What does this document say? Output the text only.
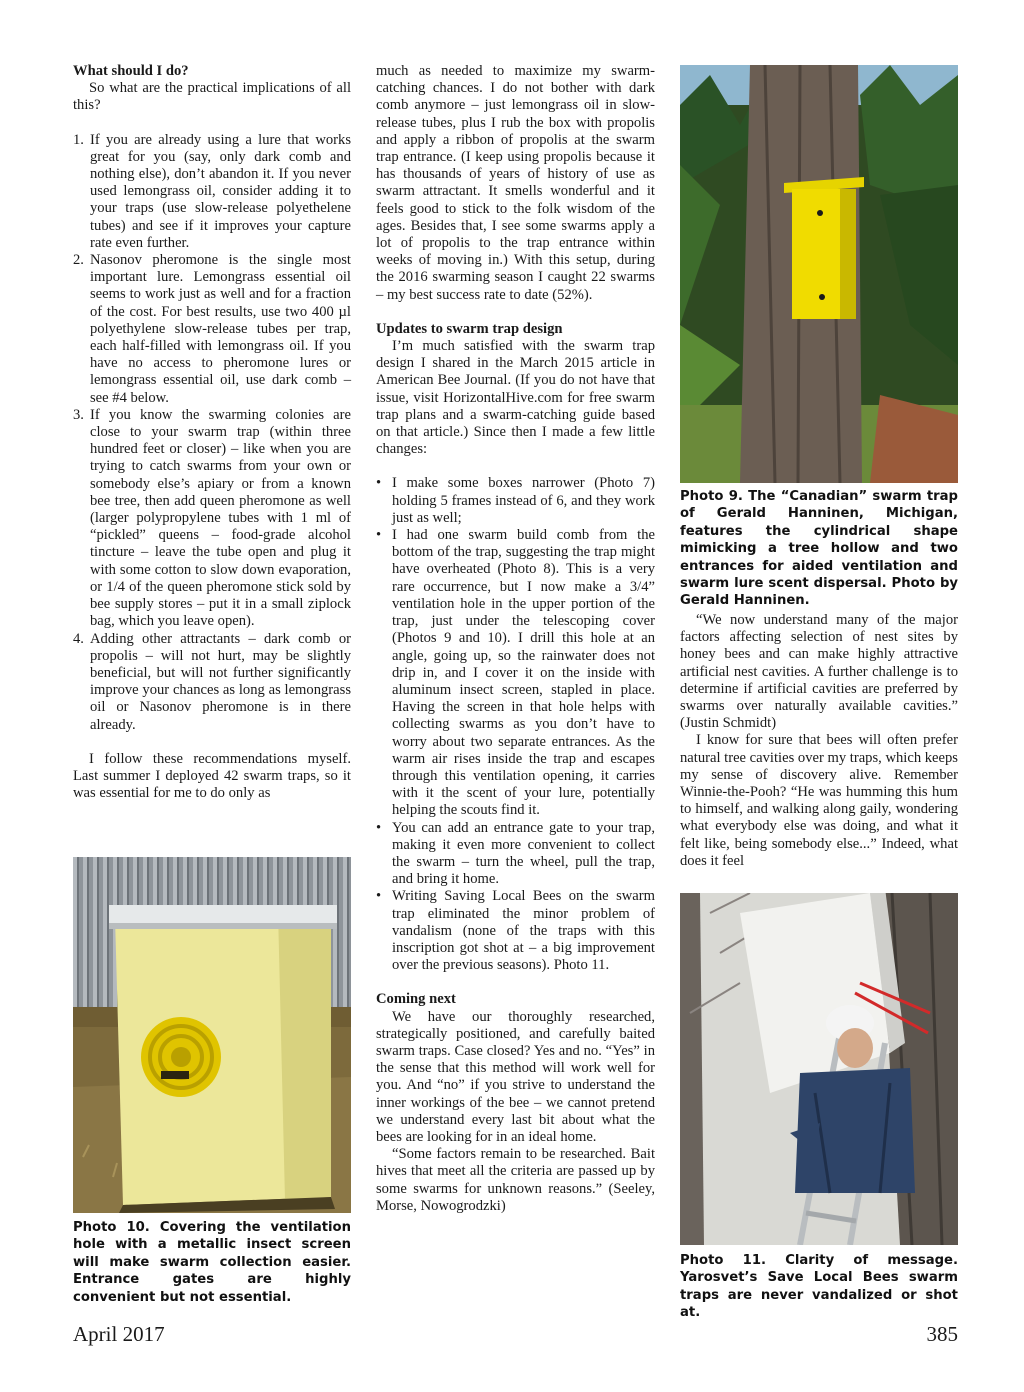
What should I do?

So what are the practical implications of all this?

1. If you are already using a lure that works great for you (say, only dark comb and nothing else), don’t abandon it. If you never used lemongrass oil, consider adding it to your traps (use slow-release polyethelene tubes) and see if it improves your capture rate even further.
2. Nasonov pheromone is the single most important lure. Lemongrass essential oil seems to work just as well and for a fraction of the cost. For best results, use two 400 µl polyethylene slow-release tubes per trap, each half-filled with lemongrass oil. If you have no access to pheromone lures or lemongrass essential oil, use dark comb – see #4 below.
3. If you know the swarming colonies are close to your swarm trap (within three hundred feet or closer) – like when you are trying to catch swarms from your own or somebody else’s apiary or from a known bee tree, then add queen pheromone as well (larger polypropylene tubes with 1 ml of “pickled” queens – food-grade alcohol tincture – leave the tube open and plug it with some cotton to slow down evaporation, or 1/4 of the queen pheromone stick sold by bee supply stores – put it in a small ziplock bag, which you leave open).
4. Adding other attractants – dark comb or propolis – will not hurt, may be slightly beneficial, but will not further significantly improve your chances as long as lemongrass oil or Nasonov pheromone is in there already.

I follow these recommendations myself. Last summer I deployed 42 swarm traps, so it was essential for me to do only as

Photo 10. Covering the ventilation hole with a metallic insect screen will make swarm collection easier. Entrance gates are highly convenient but not essential.

much as needed to maximize my swarm-catching chances. I do not bother with dark comb anymore – just lemongrass oil in slow-release tubes, plus I rub the box with propolis and apply a ribbon of propolis at the swarm trap entrance. (I keep using propolis because it has thousands of years of history of use as swarm attractant. It smells wonderful and it feels good to stick to the folk wisdom of the ages. Besides that, I see some swarms apply a lot of propolis to the trap entrance within weeks of moving in.) With this setup, during the 2016 swarming season I caught 22 swarms – my best success rate to date (52%).

Updates to swarm trap design

I’m much satisfied with the swarm trap design I shared in the March 2015 article in American Bee Journal. (If you do not have that issue, visit HorizontalHive.com for free swarm trap plans and a swarm-catching guide based on that article.) Since then I made a few little changes:

• I make some boxes narrower (Photo 7) holding 5 frames instead of 6, and they work just as well;

• I had one swarm build comb from the bottom of the trap, suggesting the trap might have overheated (Photo 8). This is a very rare occurrence, but I now make a 3/4” ventilation hole in the upper portion of the trap, just under the telescoping cover (Photos 9 and 10). I drill this hole at an angle, going up, so the rainwater does not drip in, and I cover it on the inside with aluminum insect screen, stapled in place. Having the screen in that hole helps with collecting swarms as you don’t have to worry about two separate entrances. As the warm air rises inside the trap and escapes through this ventilation opening, it carries with it the scent of your lure, potentially helping the scouts find it.

• You can add an entrance gate to your trap, making it even more convenient to collect the swarm – turn the wheel, pull the trap, and bring it home.

• Writing Saving Local Bees on the swarm trap eliminated the minor problem of vandalism (none of the traps with this inscription got shot at – a big improvement over the previous seasons). Photo 11.

Coming next

We have our thoroughly researched, strategically positioned, and carefully baited swarm traps. Case closed? Yes and no. “Yes” in the sense that this method will work well for you. And “no” if you strive to understand the inner workings of the bee – we cannot pretend we understand every last bit about what the bees are looking for in an ideal home.

“Some factors remain to be researched. Bait hives that meet all the criteria are passed up by some swarms for unknown reasons.” (Seeley, Morse, Nowogrodzki)

Photo 9. The “Canadian” swarm trap of Gerald Hanninen, Michigan, features the cylindrical shape mimicking a tree hollow and two entrances for aided ventilation and swarm lure scent dispersal. Photo by Gerald Hanninen.

“We now understand many of the major factors affecting selection of nest sites by honey bees and can make highly attractive artificial nest cavities. A further challenge is to determine if artificial cavities are preferred by swarms over naturally available cavities.” (Justin Schmidt)

I know for sure that bees will often prefer natural tree cavities over my traps, which keeps my sense of discovery alive. Remember Winnie-the-Pooh? “He was humming this hum to himself, and walking along gaily, wondering what everybody else was doing, and what it felt like, being somebody else...” Indeed, what does it feel

Photo 11. Clarity of message. Yarosvet’s Save Local Bees swarm traps are never vandalized or shot at.
April 2017	385
